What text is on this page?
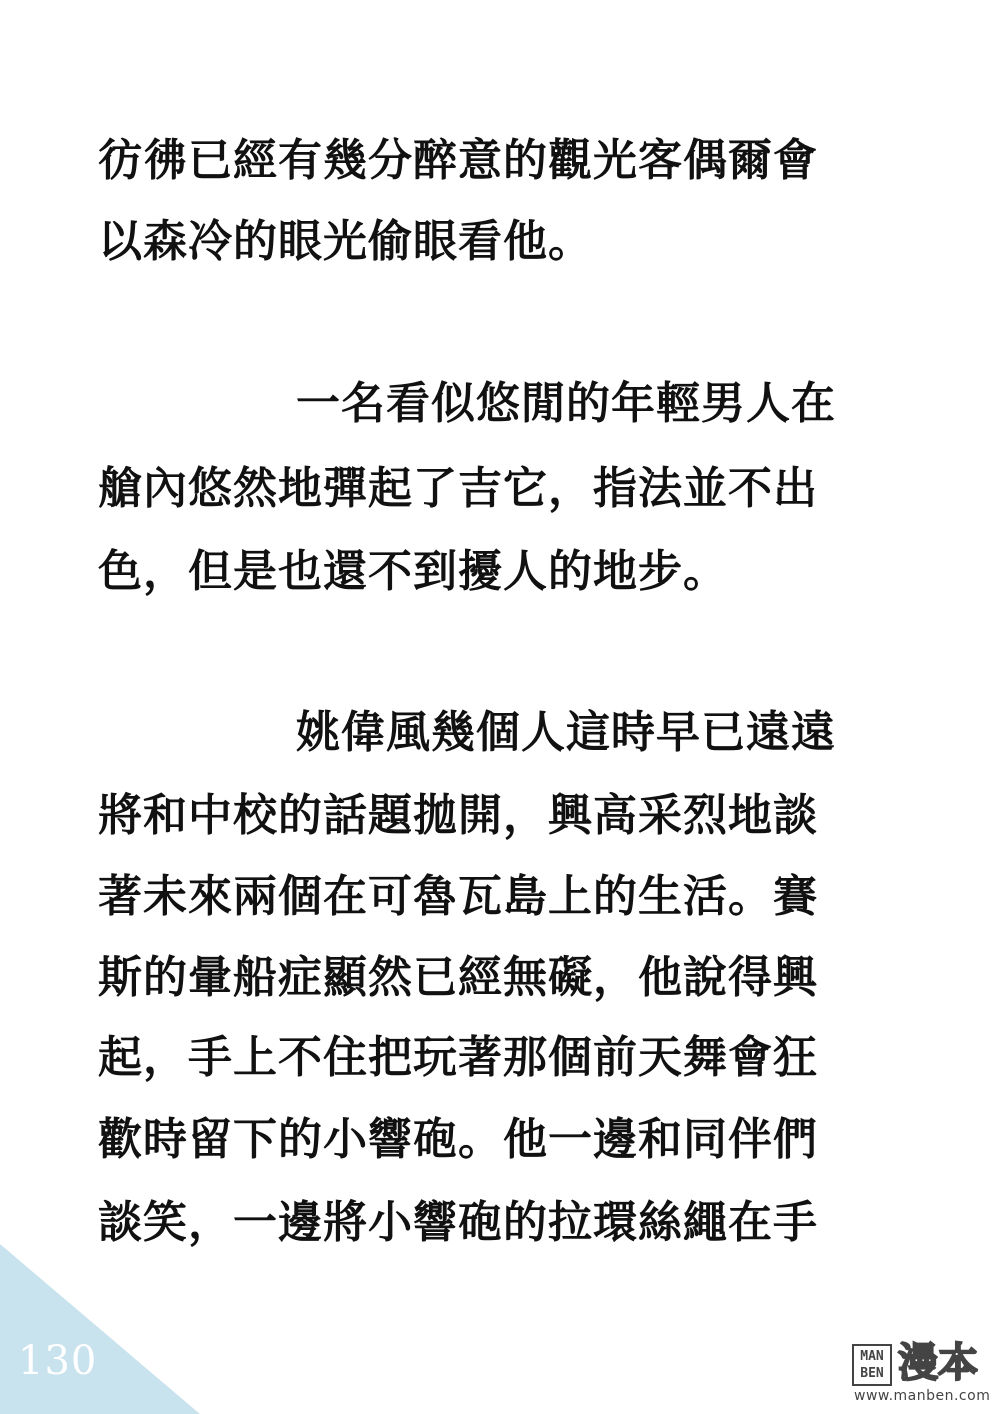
彷彿已經有幾分醉意的觀光客偶爾會
以森冷的眼光偷眼看他。
一名看似悠閒的年輕男人在
艙內悠然地彈起了吉它，指法並不出
色，但是也還不到擾人的地步。
姚偉風幾個人這時早已遠遠
將和中校的話題拋開，興高采烈地談
著未來兩個在可魯瓦島上的生活。賽
斯的暈船症顯然已經無礙，他說得興
起，手上不住把玩著那個前天舞會狂
歡時留下的小響砲。他一邊和同伴們
談笑，一邊將小響砲的拉環絲繩在手
130	MAN
BEN 漫本
www.manben.com
